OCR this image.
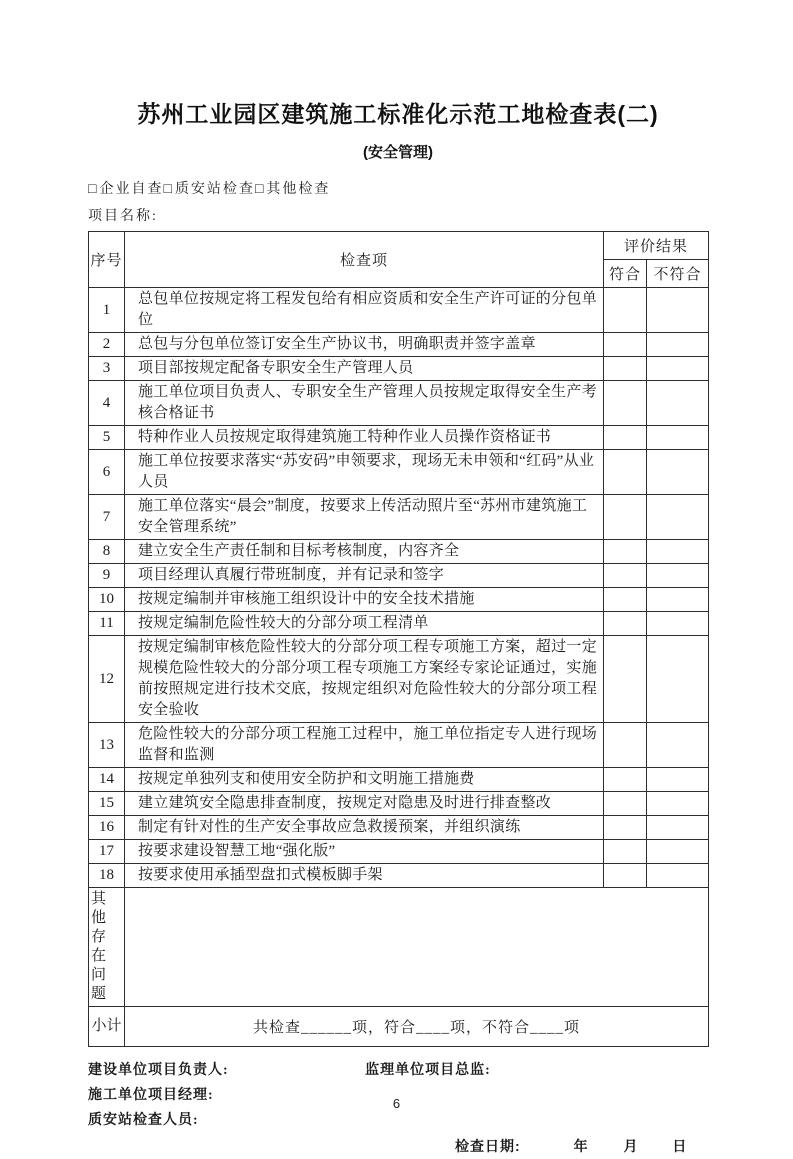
苏州工业园区建筑施工标准化示范工地检查表(二)
(安全管理)
□企业自查□质安站检查□其他检查
项目名称:
序号	检查项	评价结果	
		符合	不符合
1	总包单位按规定将工程发包给有相应资质和安全生产许可证的分包单位		
2	总包与分包单位签订安全生产协议书，明确职责并签字盖章		
3	项目部按规定配备专职安全生产管理人员		
4	施工单位项目负责人、专职安全生产管理人员按规定取得安全生产考核合格证书		
5	特种作业人员按规定取得建筑施工特种作业人员操作资格证书		
6	施工单位按要求落实“苏安码”申领要求，现场无未申领和“红码”从业人员		
7	施工单位落实“晨会”制度，按要求上传活动照片至“苏州市建筑施工安全管理系统”		
8	建立安全生产责任制和目标考核制度，内容齐全		
9	项目经理认真履行带班制度，并有记录和签字		
10	按规定编制并审核施工组织设计中的安全技术措施		
11	按规定编制危险性较大的分部分项工程清单		
12	按规定编制审核危险性较大的分部分项工程专项施工方案，超过一定规模危险性较大的分部分项工程专项施工方案经专家论证通过，实施前按照规定进行技术交底，按规定组织对危险性较大的分部分项工程安全验收		
13	危险性较大的分部分项工程施工过程中，施工单位指定专人进行现场监督和监测		
14	按规定单独列支和使用安全防护和文明施工措施费		
15	建立建筑安全隐患排查制度，按规定对隐患及时进行排查整改		
16	制定有针对性的生产安全事故应急救援预案，并组织演练		
17	按要求建设智慧工地“强化版”		
18	按要求使用承插型盘扣式模板脚手架		
其他存在问题			
小计	共检查______项，符合____项，不符合____项		
建设单位项目负责人:	监理单位项目总监:
施工单位项目经理:
质安站检查人员:
检查日期:	年 月 日
6
